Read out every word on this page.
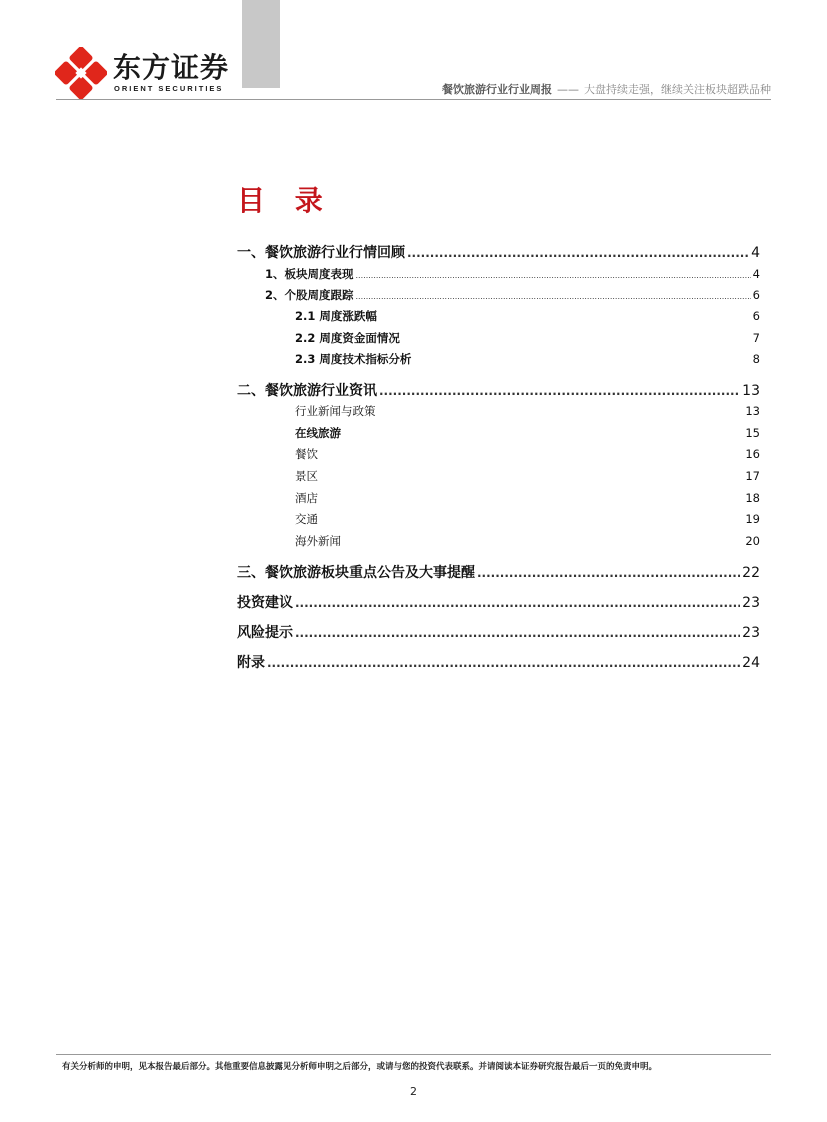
东方证券
ORIENT SECURITIES	餐饮旅游行业行业周报 —— 大盘持续走强，继续关注板块超跌品种
目 录
一、餐饮旅游行业行情回顾 .....	4
1、板块周度表现 .....	4
2、个股周度跟踪 .....	6
2.1 周度涨跌幅	6
2.2 周度资金面情况	7
2.3 周度技术指标分析	8
二、餐饮旅游行业资讯 .....	13
行业新闻与政策	13
在线旅游	15
餐饮	16
景区	17
酒店	18
交通	19
海外新闻	20
三、餐饮旅游板块重点公告及大事提醒 .....	22
投资建议 .....	23
风险提示 .....	23
附录 .....	24
有关分析师的申明，见本报告最后部分。其他重要信息披露见分析师申明之后部分，或请与您的投资代表联系。并请阅读本证券研究报告最后一页的免责申明。
2
